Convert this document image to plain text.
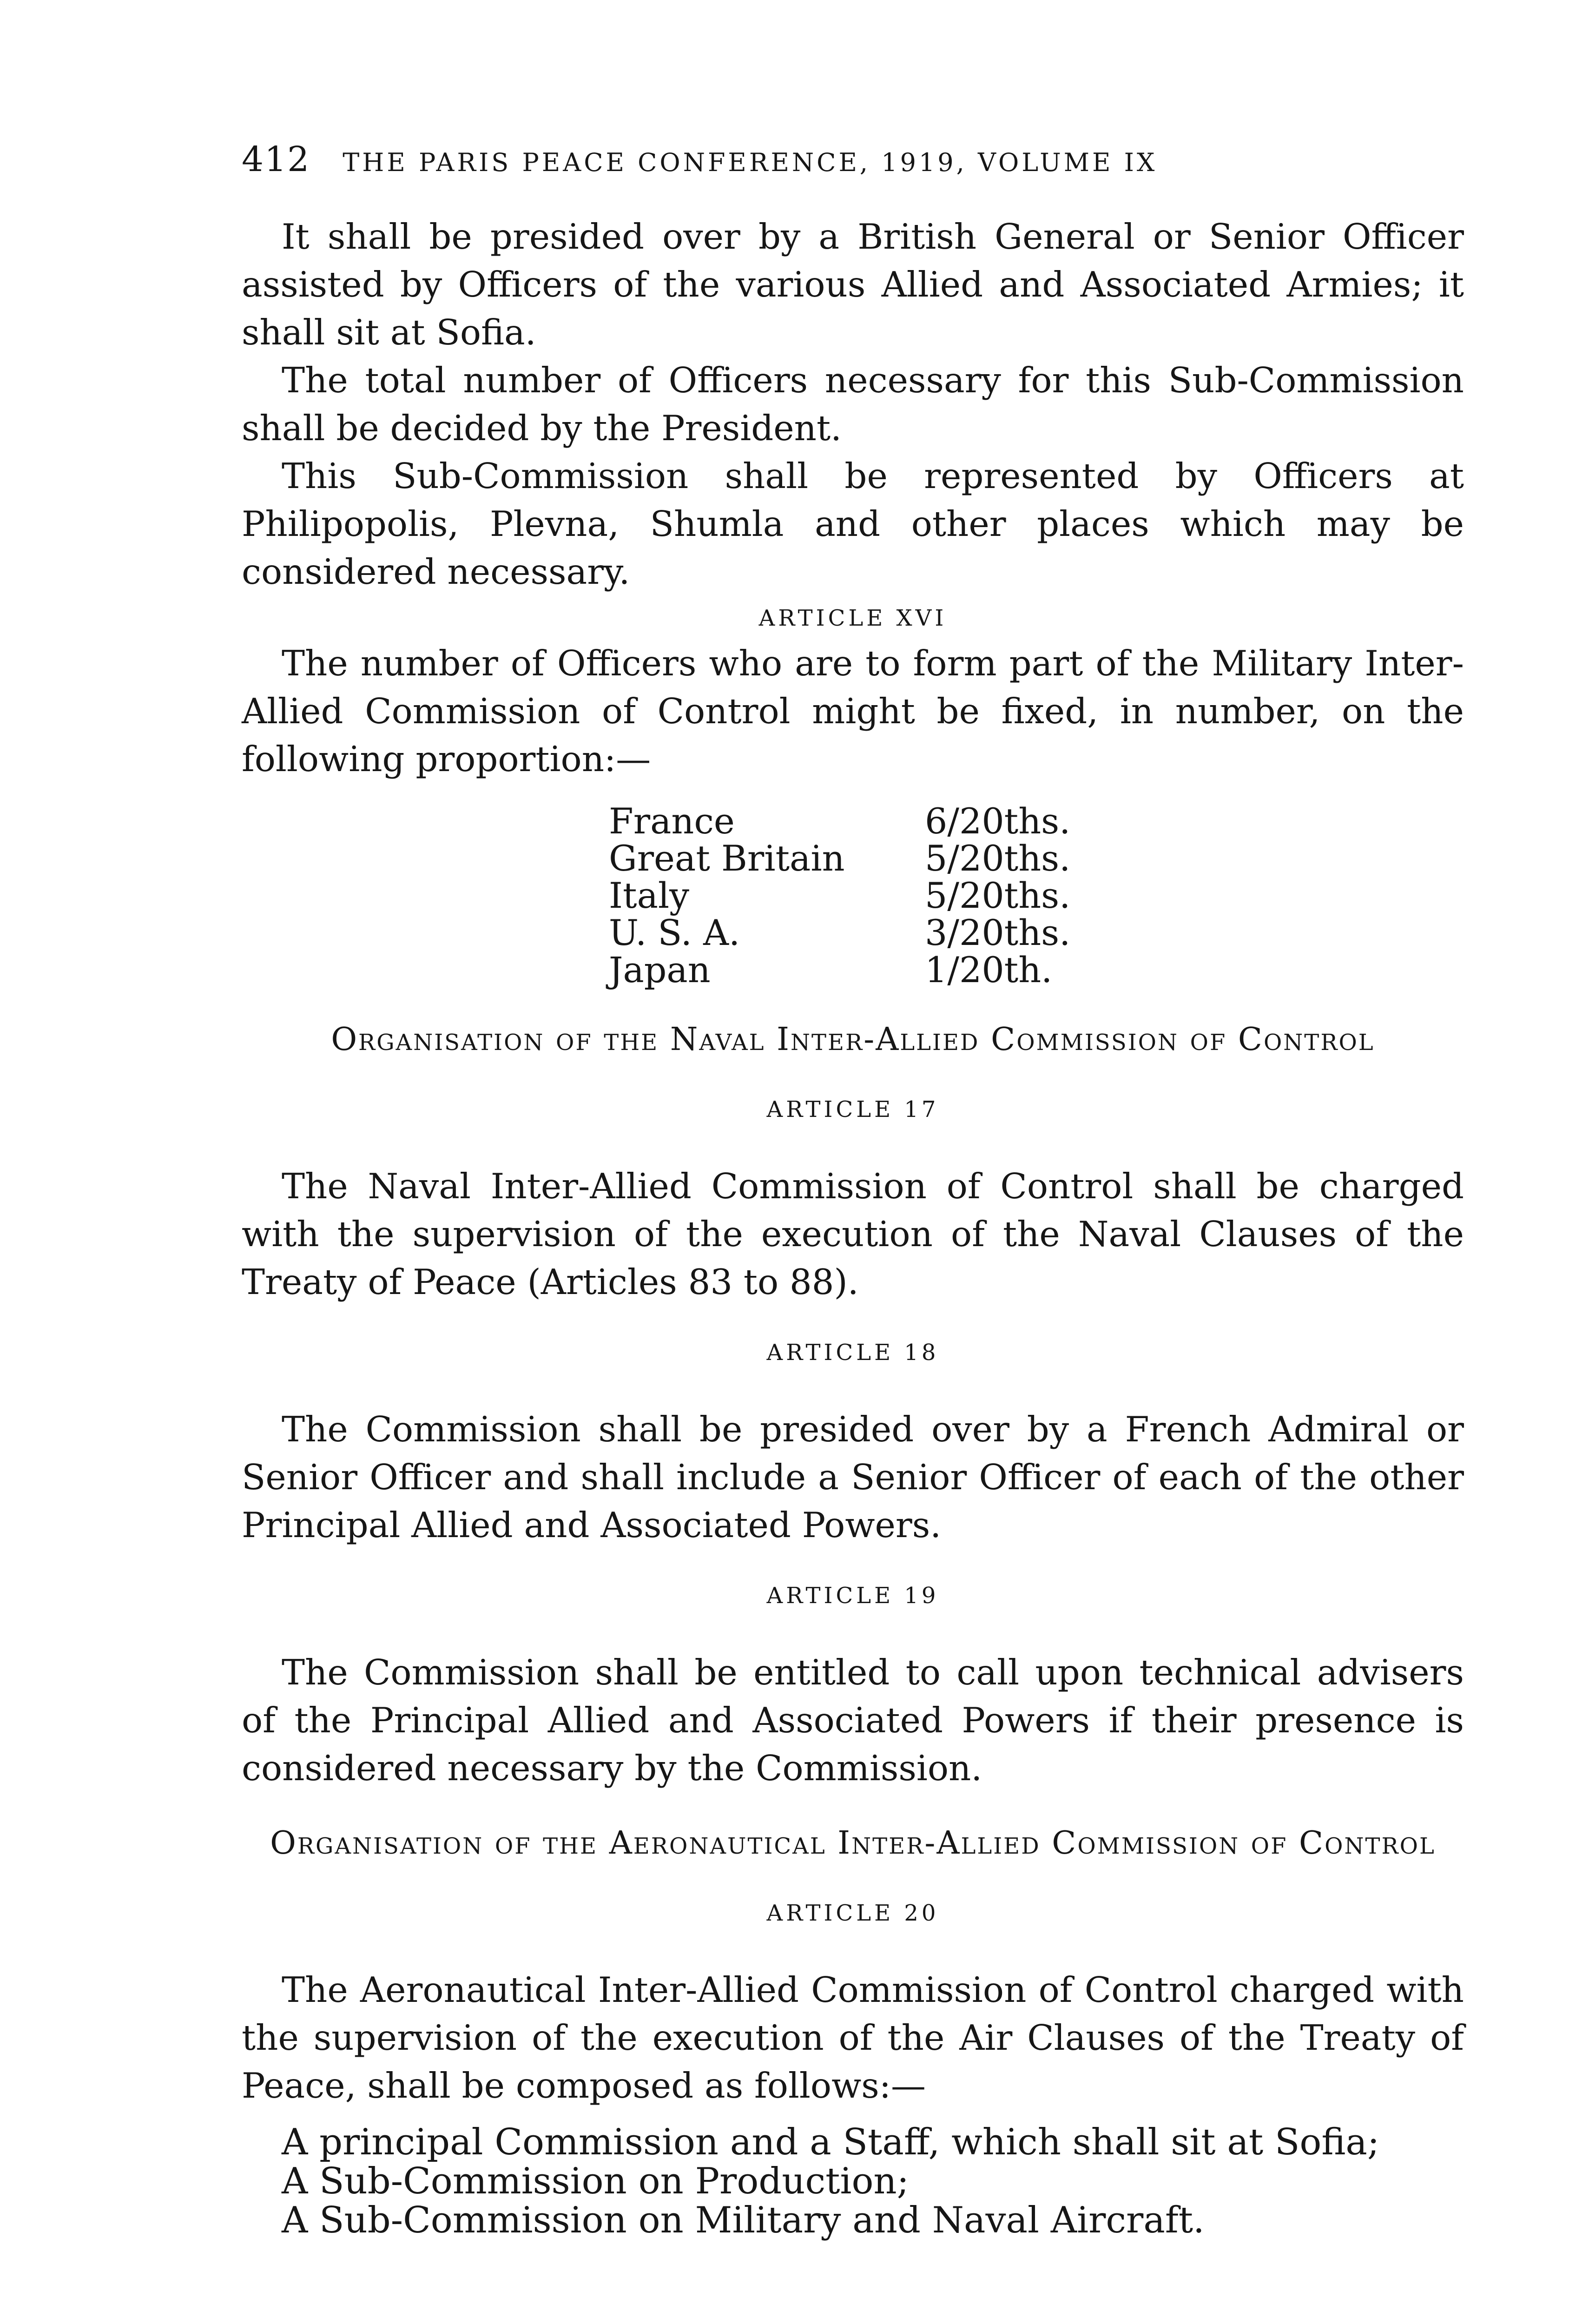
412 THE PARIS PEACE CONFERENCE, 1919, VOLUME IX

It shall be presided over by a British General or Senior Officer assisted by Officers of the various Allied and Associated Armies; it shall sit at Sofia.

The total number of Officers necessary for this Sub-Commission shall be decided by the President.

This Sub-Commission shall be represented by Officers at Philipopolis, Plevna, Shumla and other places which may be considered necessary.

ARTICLE XVI

The number of Officers who are to form part of the Military Inter-Allied Commission of Control might be fixed, in number, on the following proportion:—

France	6/20ths.
Great Britain	5/20ths.
Italy	5/20ths.
U. S. A.	3/20ths.
Japan	1/20th.
Organisation of the Naval Inter-Allied Commission of Control
ARTICLE 17

The Naval Inter-Allied Commission of Control shall be charged with the supervision of the execution of the Naval Clauses of the Treaty of Peace (Articles 83 to 88).

ARTICLE 18

The Commission shall be presided over by a French Admiral or Senior Officer and shall include a Senior Officer of each of the other Principal Allied and Associated Powers.

ARTICLE 19

The Commission shall be entitled to call upon technical advisers of the Principal Allied and Associated Powers if their presence is considered necessary by the Commission.

Organisation of the Aeronautical Inter-Allied Commission of Control
ARTICLE 20

The Aeronautical Inter-Allied Commission of Control charged with the supervision of the execution of the Air Clauses of the Treaty of Peace, shall be composed as follows:—

A principal Commission and a Staff, which shall sit at Sofia;

A Sub-Commission on Production;

A Sub-Commission on Military and Naval Aircraft.
